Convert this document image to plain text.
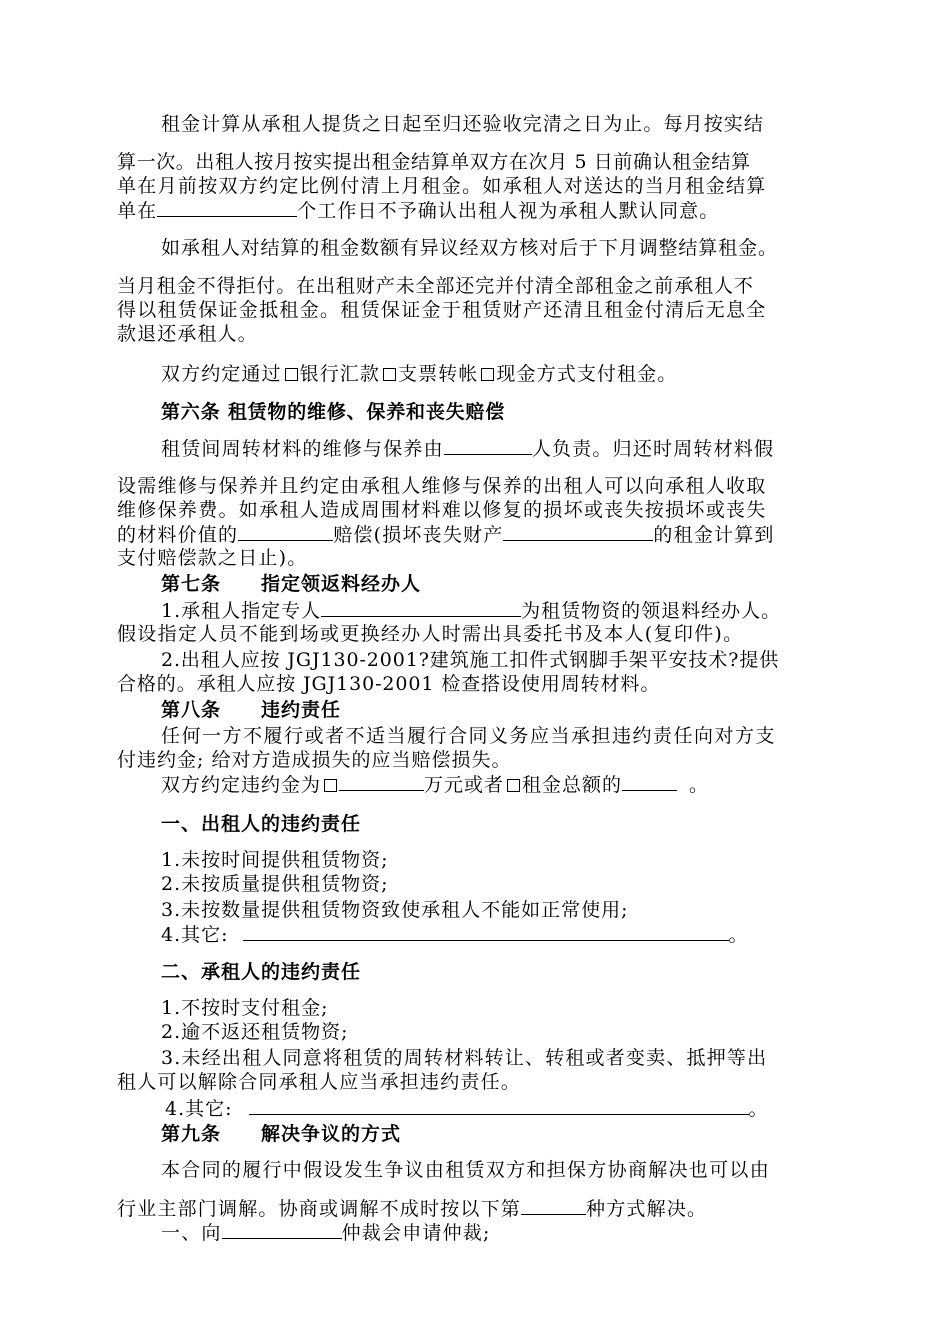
租金计算从承租人提货之日起至归还验收完清之日为止。每月按实结
算一次。出租人按月按实提出租金结算单双方在次月 5 日前确认租金结算
单在月前按双方约定比例付清上月租金。如承租人对送达的当月租金结算
单在	个工作日不予确认出租人视为承租人默认同意。
如承租人对结算的租金数额有异议经双方核对后于下月调整结算租金。
当月租金不得拒付。在出租财产未全部还完并付清全部租金之前承租人不
得以租赁保证金抵租金。租赁保证金于租赁财产还清且租金付清后无息全
款退还承租人。
双方约定通过 银行汇款 支票转帐 现金方式支付租金。
第六条 租赁物的维修、保养和丧失赔偿
租赁间周转材料的维修与保养由	人负责。归还时周转材料假
设需维修与保养并且约定由承租人维修与保养的出租人可以向承租人收取
维修保养费。如承租人造成周围材料难以修复的损坏或丧失按损坏或丧失
的材料价值的	赔偿(损坏丧失财产	的租金计算到
支付赔偿款之日止)。
第七条　　指定领返料经办人
1.承租人指定专人	为租赁物资的领退料经办人。
假设指定人员不能到场或更换经办人时需出具委托书及本人(复印件)。
2.出租人应按 JGJ130-2001?建筑施工扣件式钢脚手架平安技术?提供
合格的。承租人应按 JGJ130-2001 检查搭设使用周转材料。
第八条　　违约责任
任何一方不履行或者不适当履行合同义务应当承担违约责任向对方支
付违约金; 给对方造成损失的应当赔偿损失。
双方约定违约金为	万元或者 租金总额的	。
一、出租人的违约责任
1.未按时间提供租赁物资;
2.未按质量提供租赁物资;
3.未按数量提供租赁物资致使承租人不能如正常使用;
4.其它:	。
二、承租人的违约责任
1.不按时支付租金;
2.逾不返还租赁物资;
3.未经出租人同意将租赁的周转材料转让、转租或者变卖、抵押等出
租人可以解除合同承租人应当承担违约责任。
4.其它:	。
第九条　　解决争议的方式
本合同的履行中假设发生争议由租赁双方和担保方协商解决也可以由
行业主部门调解。协商或调解不成时按以下第	种方式解决。
一、向	仲裁会申请仲裁;
